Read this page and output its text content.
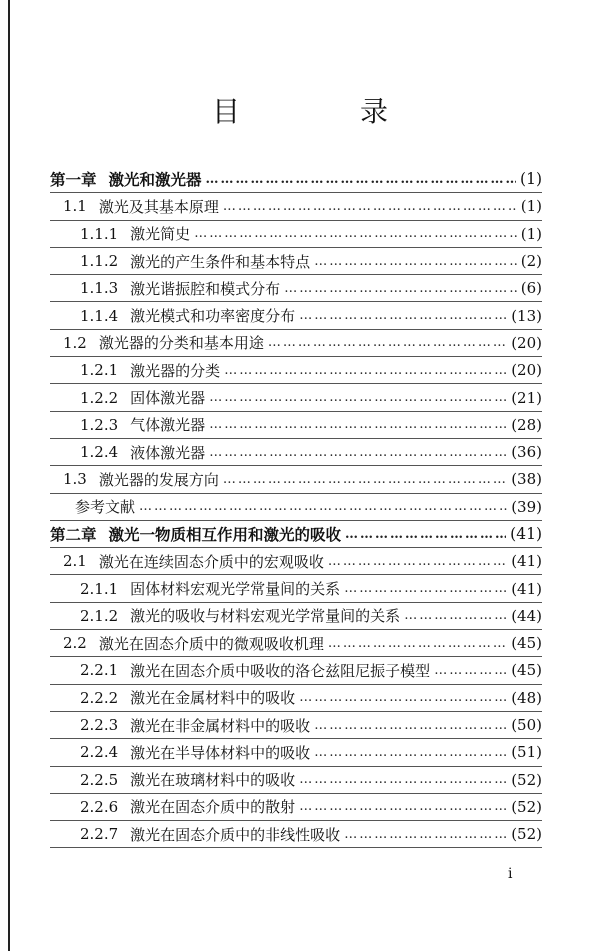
目　录
第一章 激光和激光器 …………………………………………………………………………………………………………………………………………	(1)
1.1 激光及其基本原理 …………………………………………………………………………………………………………………………………………	(1)
1.1.1 激光简史 …………………………………………………………………………………………………………………………………………	(1)
1.1.2 激光的产生条件和基本特点 …………………………………………………………………………………………………………………………………………	(2)
1.1.3 激光谐振腔和模式分布 …………………………………………………………………………………………………………………………………………	(6)
1.1.4 激光模式和功率密度分布 …………………………………………………………………………………………………………………………………………	(13)
1.2 激光器的分类和基本用途 …………………………………………………………………………………………………………………………………………	(20)
1.2.1 激光器的分类 …………………………………………………………………………………………………………………………………………	(20)
1.2.2 固体激光器 …………………………………………………………………………………………………………………………………………	(21)
1.2.3 气体激光器 …………………………………………………………………………………………………………………………………………	(28)
1.2.4 液体激光器 …………………………………………………………………………………………………………………………………………	(36)
1.3 激光器的发展方向 …………………………………………………………………………………………………………………………………………	(38)
参考文献 …………………………………………………………………………………………………………………………………………	(39)
第二章 激光一物质相互作用和激光的吸收 …………………………………………………………………………………………………………………………………………	(41)
2.1 激光在连续固态介质中的宏观吸收 …………………………………………………………………………………………………………………………………………	(41)
2.1.1 固体材料宏观光学常量间的关系 …………………………………………………………………………………………………………………………………………	(41)
2.1.2 激光的吸收与材料宏观光学常量间的关系 …………………………………………………………………………………………………………………………………………	(44)
2.2 激光在固态介质中的微观吸收机理 …………………………………………………………………………………………………………………………………………	(45)
2.2.1 激光在固态介质中吸收的洛仑兹阻尼振子模型 …………………………………………………………………………………………………………………………………………	(45)
2.2.2 激光在金属材料中的吸收 …………………………………………………………………………………………………………………………………………	(48)
2.2.3 激光在非金属材料中的吸收 …………………………………………………………………………………………………………………………………………	(50)
2.2.4 激光在半导体材料中的吸收 …………………………………………………………………………………………………………………………………………	(51)
2.2.5 激光在玻璃材料中的吸收 …………………………………………………………………………………………………………………………………………	(52)
2.2.6 激光在固态介质中的散射 …………………………………………………………………………………………………………………………………………	(52)
2.2.7 激光在固态介质中的非线性吸收 …………………………………………………………………………………………………………………………………………	(52)
i
